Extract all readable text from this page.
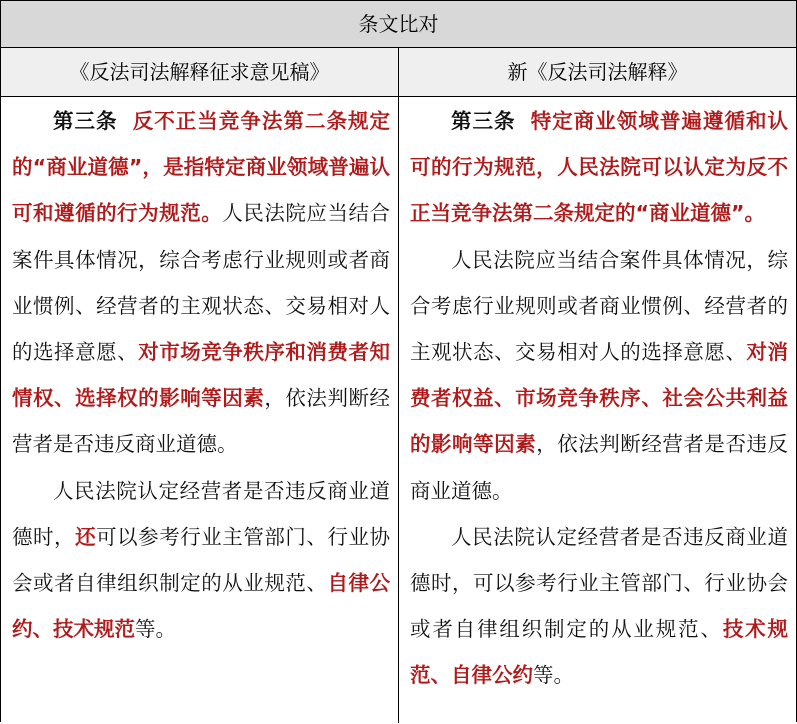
条文比对
《反法司法解释征求意见稿》	新《反法司法解释》

第三条 反不正当竞争法第二条规定的“商业道德”，是指特定商业领域普遍认可和遵循的行为规范。人民法院应当结合案件具体情况，综合考虑行业规则或者商业惯例、经营者的主观状态、交易相对人的选择意愿、对市场竞争秩序和消费者知情权、选择权的影响等因素，依法判断经营者是否违反商业道德。

人民法院认定经营者是否违反商业道德时，还可以参考行业主管部门、行业协会或者自律组织制定的从业规范、自律公约、技术规范等。

第三条 特定商业领域普遍遵循和认可的行为规范，人民法院可以认定为反不正当竞争法第二条规定的“商业道德”。

人民法院应当结合案件具体情况，综合考虑行业规则或者商业惯例、经营者的主观状态、交易相对人的选择意愿、对消费者权益、市场竞争秩序、社会公共利益的影响等因素，依法判断经营者是否违反商业道德。

人民法院认定经营者是否违反商业道德时，可以参考行业主管部门、行业协会或者自律组织制定的从业规范、技术规范、自律公约等。
